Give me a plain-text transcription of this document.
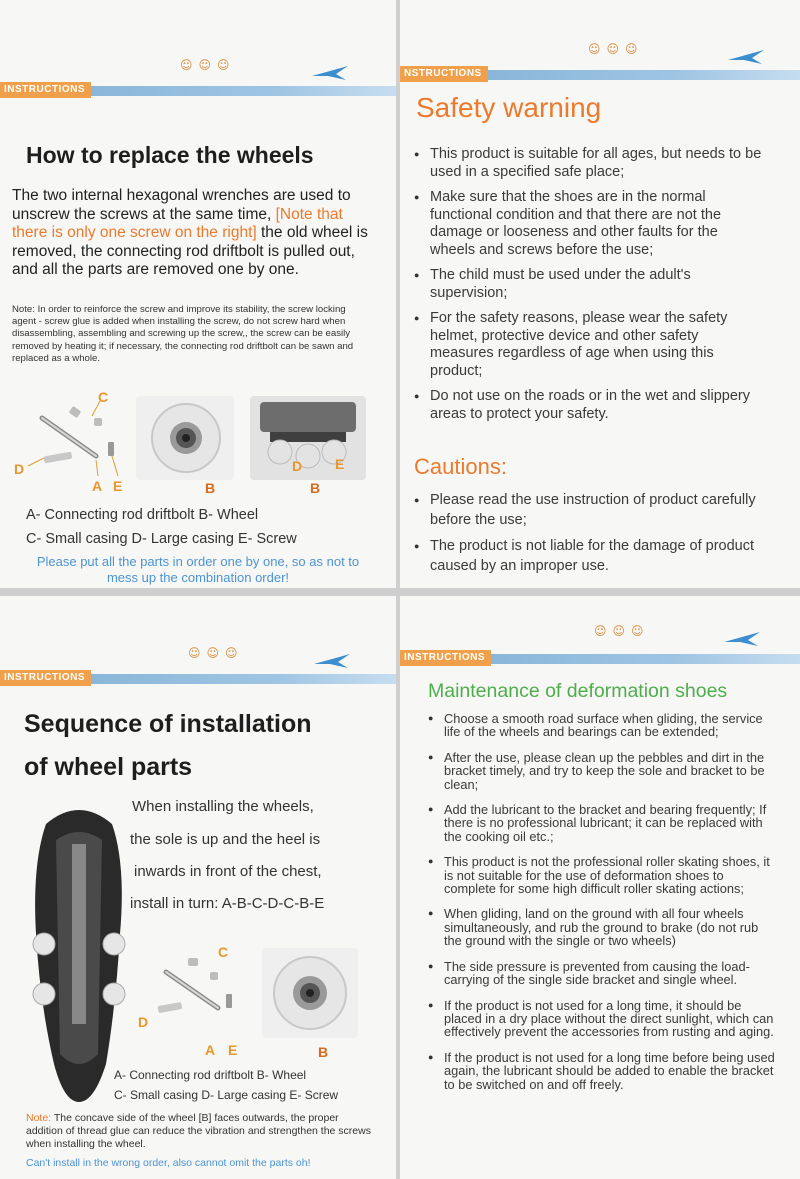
INSTRUCTIONS
☺☺☺
How to replace the wheels
The two internal hexagonal wrenches are used to unscrew the screws at the same time, [Note that there is only one screw on the right] the old wheel is removed, the connecting rod driftbolt is pulled out, and all the parts are removed one by one.
Note: In order to reinforce the screw and improve its stability, the screw locking agent - screw glue is added when installing the screw, do not screw hard when disassembling, assembling and screwing up the screw,, the screw can be easily removed by heating it; if necessary, the connecting rod driftbolt can be sawn and replaced as a whole.
C
D
A E	B
D E
B
A- Connecting rod driftbolt B- Wheel
C- Small casing D- Large casing E- Screw
Please put all the parts in order one by one, so as not to mess up the combination order!
NSTRUCTIONS
☺☺☺
Safety warning
● This product is suitable for all ages, but needs to be used in a specified safe place;
● Make sure that the shoes are in the normal functional condition and that there are not the damage or looseness and other faults for the wheels and screws before the use;
● The child must be used under the adult's supervision;
● For the safety reasons, please wear the safety helmet, protective device and other safety measures regardless of age when using this product;
● Do not use on the roads or in the wet and slippery areas to protect your safety.
Cautions:
● Please read the use instruction of product carefully before the use;
● The product is not liable for the damage of product caused by an improper use.
INSTRUCTIONS
☺☺☺
Sequence of installation
of wheel parts
When installing the wheels,
the sole is up and the heel is
inwards in front of the chest,
install in turn: A-B-C-D-C-B-E
C
D
A E	B
A- Connecting rod driftbolt B- Wheel
C- Small casing D- Large casing E- Screw
Note: The concave side of the wheel [B] faces outwards, the proper addition of thread glue can reduce the vibration and strengthen the screws when installing the wheel.
Can't install in the wrong order, also cannot omit the parts oh!
INSTRUCTIONS
☺☺☺
Maintenance of deformation shoes
● Choose a smooth road surface when gliding, the service life of the wheels and bearings can be extended;
● After the use, please clean up the pebbles and dirt in the bracket timely, and try to keep the sole and bracket to be clean;
● Add the lubricant to the bracket and bearing frequently; If there is no professional lubricant; it can be replaced with the cooking oil etc.;
● This product is not the professional roller skating shoes, it is not suitable for the use of deformation shoes to complete for some high difficult roller skating actions;
● When gliding, land on the ground with all four wheels simultaneously, and rub the ground to brake (do not rub the ground with the single or two wheels)
● The side pressure is prevented from causing the load-carrying of the single side bracket and single wheel.
● If the product is not used for a long time, it should be placed in a dry place without the direct sunlight, which can effectively prevent the accessories from rusting and aging.
● If the product is not used for a long time before being used again, the lubricant should be added to enable the bracket to be switched on and off freely.
